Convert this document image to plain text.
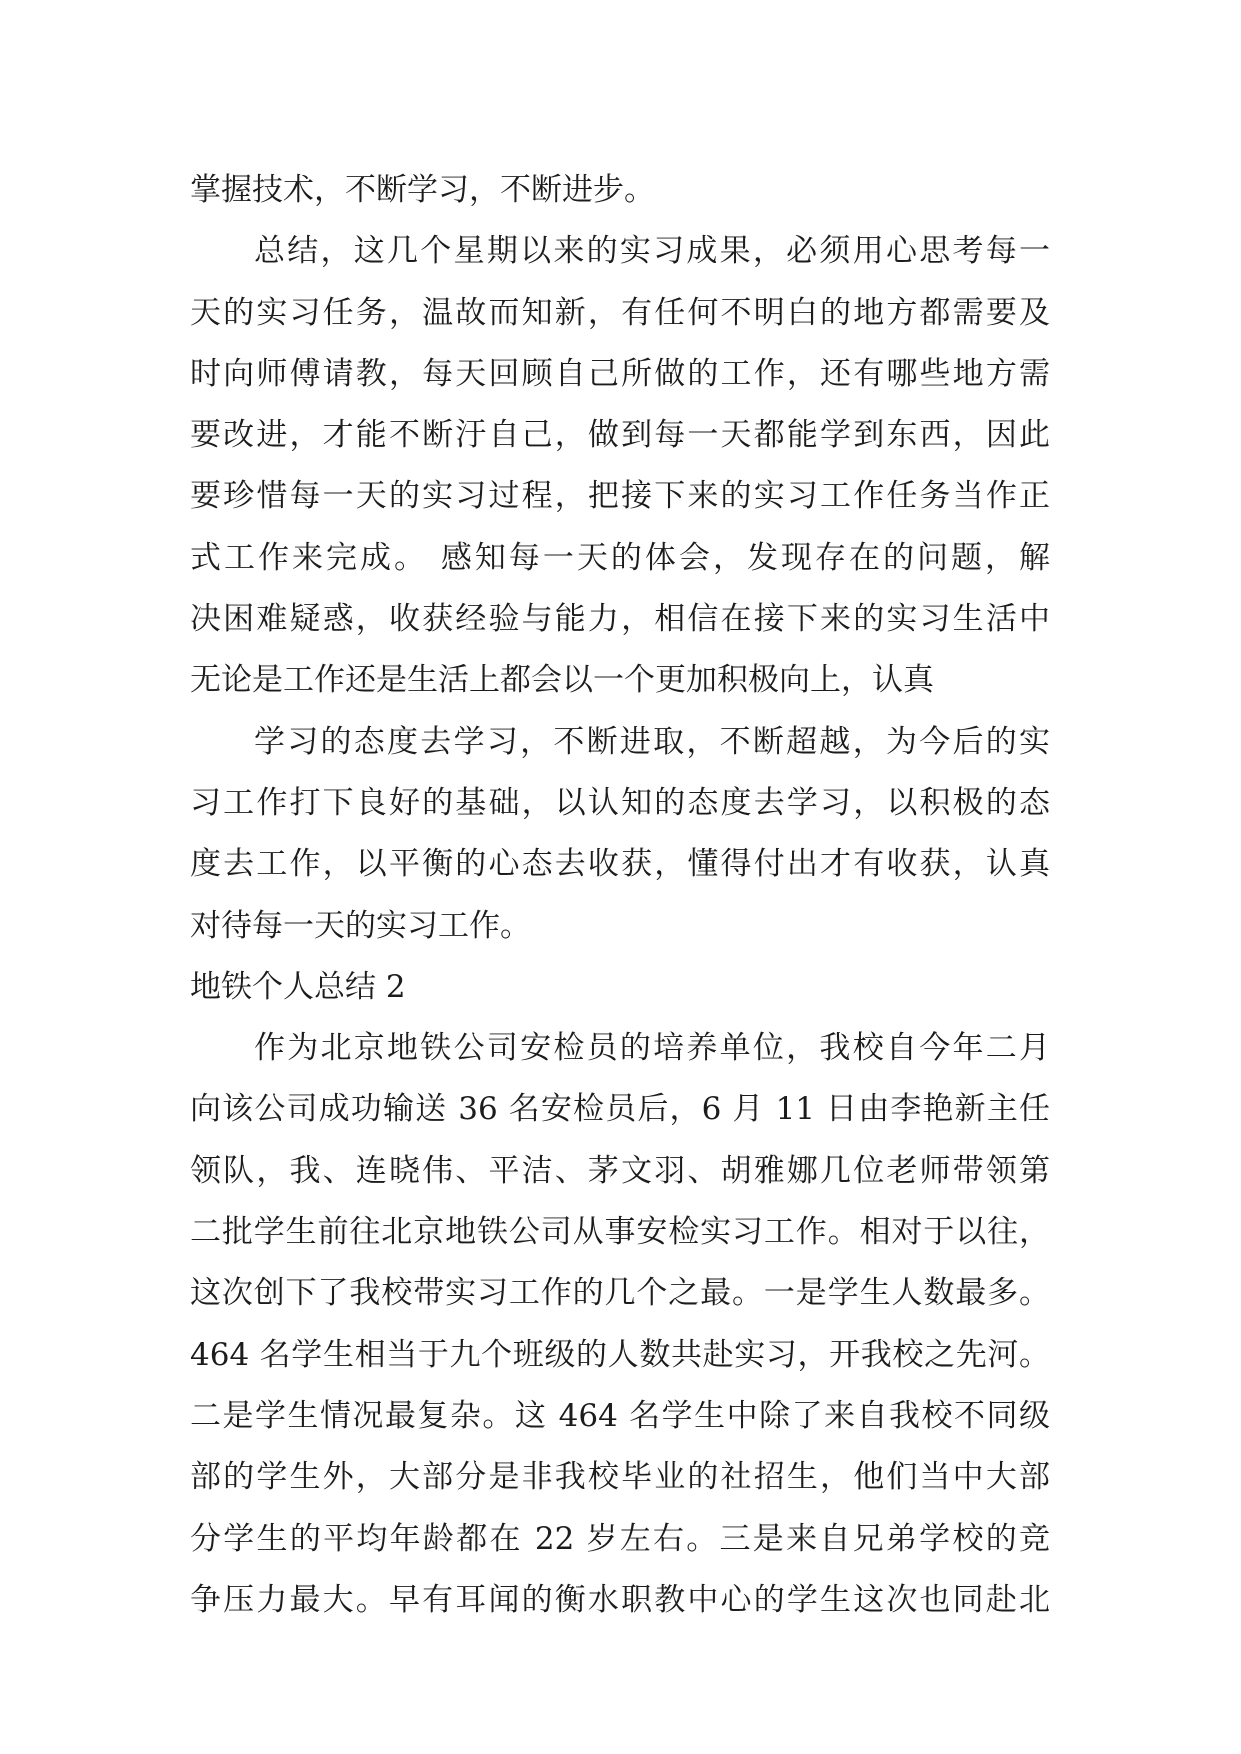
掌握技术，不断学习，不断进步。
总结，这几个星期以来的实习成果，必须用心思考每一
天的实习任务，温故而知新，有任何不明白的地方都需要及
时向师傅请教，每天回顾自己所做的工作，还有哪些地方需
要改进，才能不断汙自己，做到每一天都能学到东西，因此
要珍惜每一天的实习过程，把接下来的实习工作任务当作正
式工作来完成。 感知每一天的体会，发现存在的问题，解
决困难疑惑，收获经验与能力，相信在接下来的实习生活中
无论是工作还是生活上都会以一个更加积极向上，认真
学习的态度去学习，不断进取，不断超越，为今后的实
习工作打下良好的基础，以认知的态度去学习，以积极的态
度去工作，以平衡的心态去收获，懂得付出才有收获，认真
对待每一天的实习工作。
地铁个人总结 2
作为北京地铁公司安检员的培养单位，我校自今年二月
向该公司成功输送 36 名安检员后，6 月 11 日由李艳新主任
领队，我、连晓伟、平洁、茅文羽、胡雅娜几位老师带领第
二批学生前往北京地铁公司从事安检实习工作。相对于以往，
这次创下了我校带实习工作的几个之最。一是学生人数最多。
464 名学生相当于九个班级的人数共赴实习，开我校之先河。
二是学生情况最复杂。这 464 名学生中除了来自我校不同级
部的学生外，大部分是非我校毕业的社招生，他们当中大部
分学生的平均年龄都在 22 岁左右。三是来自兄弟学校的竞
争压力最大。早有耳闻的衡水职教中心的学生这次也同赴北
